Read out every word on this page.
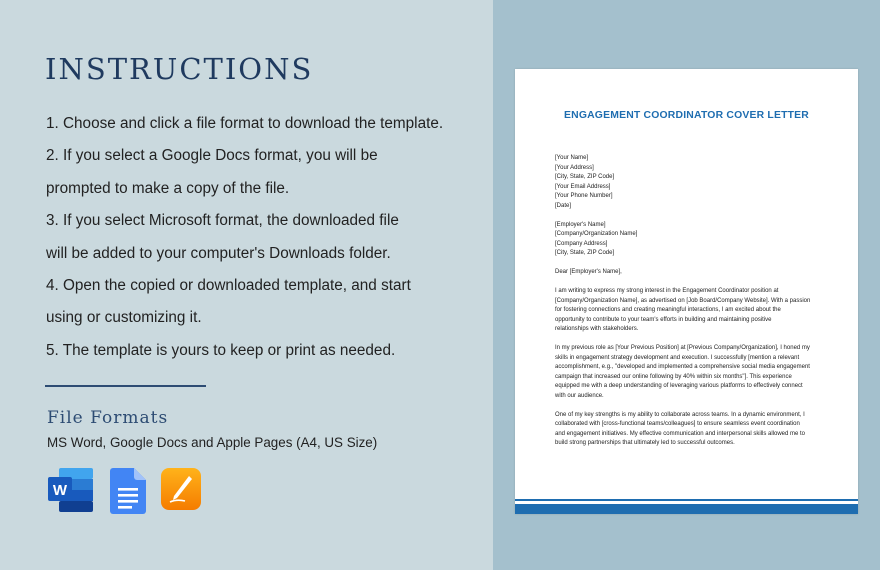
INSTRUCTIONS
1. Choose and click a file format to download the template.
2. If you select a Google Docs format, you will be
prompted to make a copy of the file.
3. If you select Microsoft format, the downloaded file
will be added to your computer's Downloads folder.
4. Open the copied or downloaded template, and start
using or customizing it.
5. The template is yours to keep or print as needed.
File Formats
MS Word, Google Docs and Apple Pages (A4, US Size)
W
ENGAGEMENT COORDINATOR COVER LETTER
[Your Name]
[Your Address]
[City, State, ZIP Code]
[Your Email Address]
[Your Phone Number]
[Date]
[Employer's Name]
[Company/Organization Name]
[Company Address]
[City, State, ZIP Code]
Dear [Employer's Name],
I am writing to express my strong interest in the Engagement Coordinator position at
[Company/Organization Name], as advertised on [Job Board/Company Website]. With a passion
for fostering connections and creating meaningful interactions, I am excited about the
opportunity to contribute to your team's efforts in building and maintaining positive
relationships with stakeholders.
In my previous role as [Your Previous Position] at [Previous Company/Organization], I honed my
skills in engagement strategy development and execution. I successfully [mention a relevant
accomplishment, e.g., "developed and implemented a comprehensive social media engagement
campaign that increased our online following by 40% within six months"]. This experience
equipped me with a deep understanding of leveraging various platforms to effectively connect
with our audience.
One of my key strengths is my ability to collaborate across teams. In a dynamic environment, I
collaborated with [cross-functional teams/colleagues] to ensure seamless event coordination
and engagement initiatives. My effective communication and interpersonal skills allowed me to
build strong partnerships that ultimately led to successful outcomes.
